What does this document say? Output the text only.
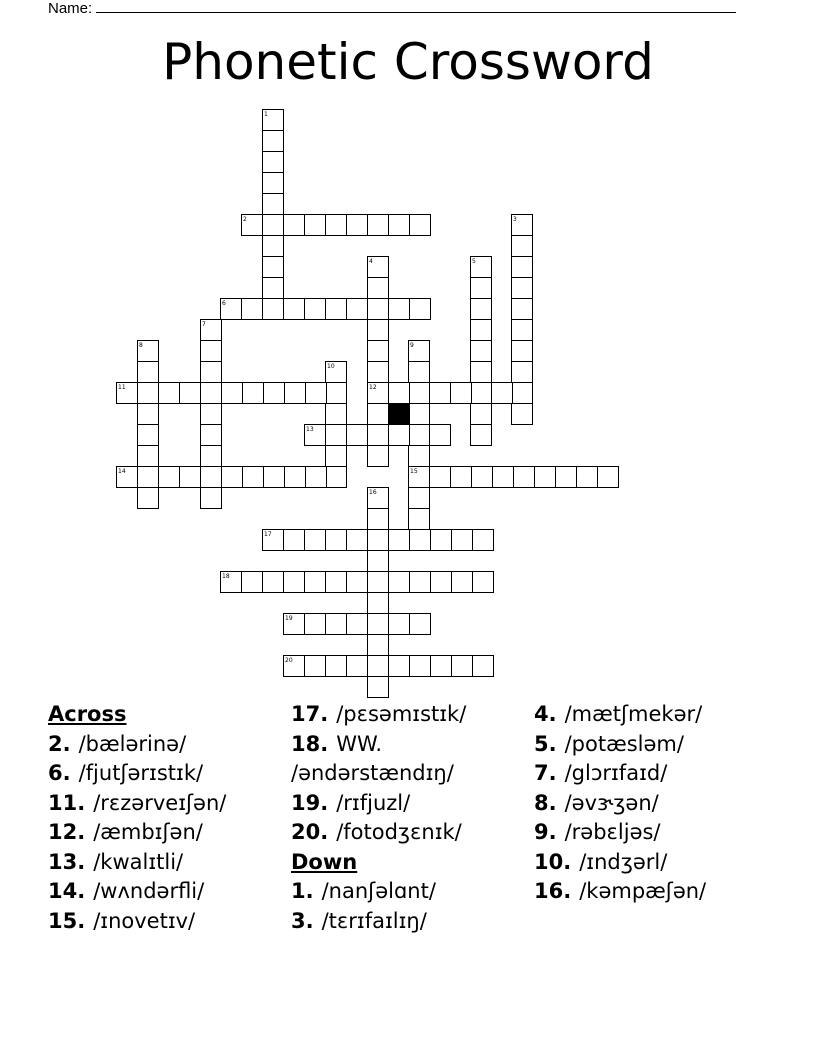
Name:
Phonetic Crossword
1
2	3
4	5
6
7
8	9
10
11	12
13
14	15
16
17
18
19
20
Across
2. /bælərinə/
6. /fjutʃərɪstɪk/
11. /rɛzərveɪʃən/
12. /æmbɪʃən/
13. /kwalɪtli/
14. /wʌndərfli/
15. /ɪnovetɪv/
17. /pɛsəmɪstɪk/
18. WW.
/əndərstændɪŋ/
19. /rɪfjuzl/
20. /fotodʒɛnɪk/
Down
1. /nanʃəlɑnt/
3. /tɛrɪfaɪlɪŋ/
4. /mætʃmekər/
5. /potæsləm/
7. /glɔrɪfaɪd/
8. /əvɝʒən/
9. /rəbɛljəs/
10. /ɪndʒərl/
16. /kəmpæʃən/
